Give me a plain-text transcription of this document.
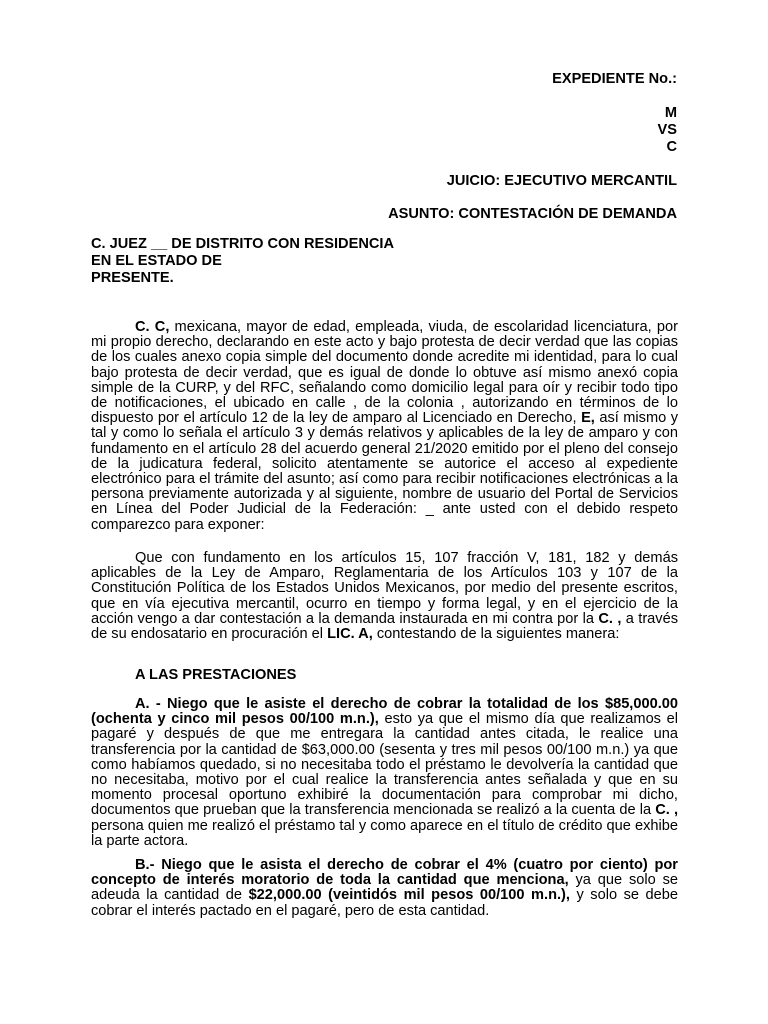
EXPEDIENTE No.:
M
VS
C
JUICIO: EJECUTIVO MERCANTIL
ASUNTO: CONTESTACIÓN DE DEMANDA
C. JUEZ __ DE DISTRITO CON RESIDENCIA
EN EL ESTADO DE
PRESENTE.

C. C, mexicana, mayor de edad, empleada, viuda, de escolaridad licenciatura, por mi propio derecho, declarando en este acto y bajo protesta de decir verdad que las copias de los cuales anexo copia simple del documento donde acredite mi identidad, para lo cual bajo protesta de decir verdad, que es igual de donde lo obtuve así mismo anexó copia simple de la CURP, y del RFC, señalando como domicilio legal para oír y recibir todo tipo de notificaciones, el ubicado en calle , de la colonia , autorizando en términos de lo dispuesto por el artículo 12 de la ley de amparo al Licenciado en Derecho, E, así mismo y tal y como lo señala el artículo 3 y demás relativos y aplicables de la ley de amparo y con fundamento en el artículo 28 del acuerdo general 21/2020 emitido por el pleno del consejo de la judicatura federal, solicito atentamente se autorice el acceso al expediente electrónico para el trámite del asunto; así como para recibir notificaciones electrónicas a la persona previamente autorizada y al siguiente, nombre de usuario del Portal de Servicios en Línea del Poder Judicial de la Federación: _ ante usted con el debido respeto comparezco para exponer:

Que con fundamento en los artículos 15, 107 fracción V, 181, 182 y demás aplicables de la Ley de Amparo, Reglamentaria de los Artículos 103 y 107 de la Constitución Política de los Estados Unidos Mexicanos, por medio del presente escritos, que en vía ejecutiva mercantil, ocurro en tiempo y forma legal, y en el ejercicio de la acción vengo a dar contestación a la demanda instaurada en mi contra por la C. , a través de su endosatario en procuración el LIC. A, contestando de la siguientes manera:

A LAS PRESTACIONES

A. - Niego que le asiste el derecho de cobrar la totalidad de los $85,000.00 (ochenta y cinco mil pesos 00/100 m.n.), esto ya que el mismo día que realizamos el pagaré y después de que me entregara la cantidad antes citada, le realice una transferencia por la cantidad de $63,000.00 (sesenta y tres mil pesos 00/100 m.n.) ya que como habíamos quedado, si no necesitaba todo el préstamo le devolvería la cantidad que no necesitaba, motivo por el cual realice la transferencia antes señalada y que en su momento procesal oportuno exhibiré la documentación para comprobar mi dicho, documentos que prueban que la transferencia mencionada se realizó a la cuenta de la C. , persona quien me realizó el préstamo tal y como aparece en el título de crédito que exhibe la parte actora.

B.- Niego que le asista el derecho de cobrar el 4% (cuatro por ciento) por concepto de interés moratorio de toda la cantidad que menciona, ya que solo se adeuda la cantidad de $22,000.00 (veintidós mil pesos 00/100 m.n.), y solo se debe cobrar el interés pactado en el pagaré, pero de esta cantidad.
